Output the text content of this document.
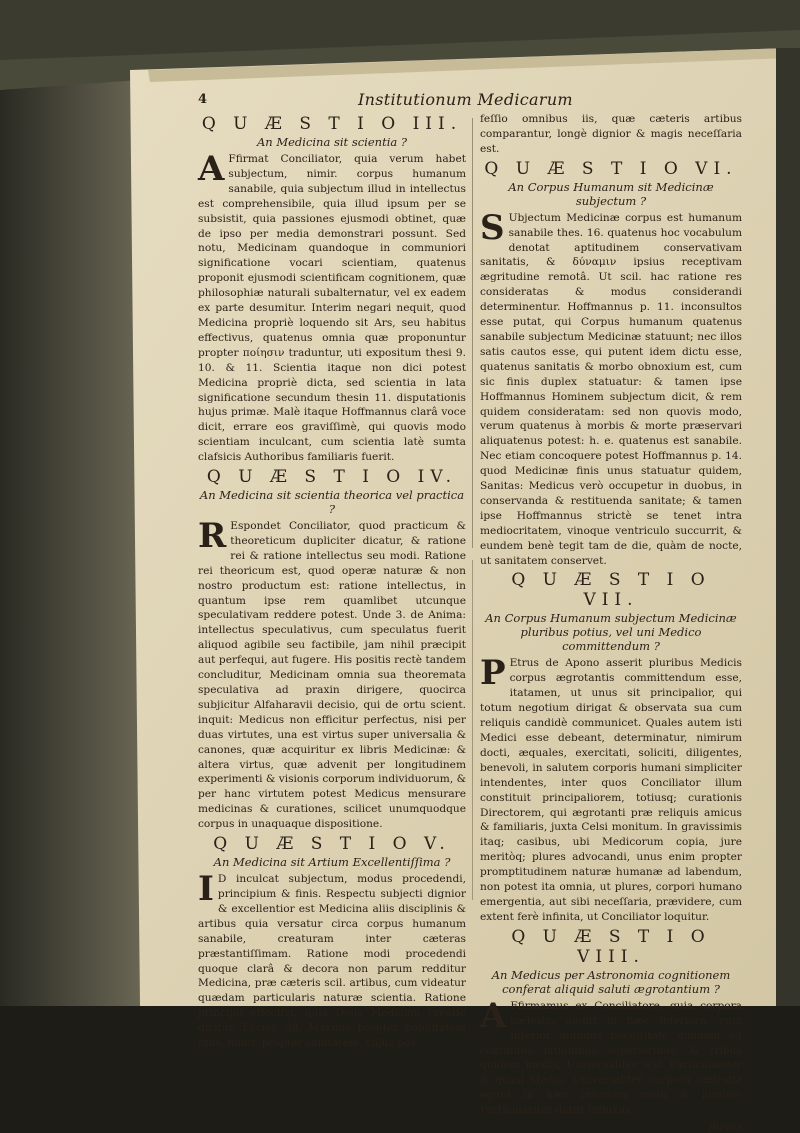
4	Institutionum Medicarum
Q U Æ S T I O III.
An Medicina sit scientia ?

A Ffirmat Conciliator, quia verum habet subjectum, nimir. corpus humanum sanabile, quia subjectum illud in intellectus est comprehensibile, quia illud ipsum per se subsistit, quia passiones ejusmodi obtinet, quæ de ipso per media demonstrari possunt. Sed notu, Medicinam quandoque in communiori significatione vocari scientiam, quatenus proponit ejusmodi scientificam cognitionem, quæ philosophiæ naturali subalternatur, vel ex eadem ex parte desumitur. Interim negari nequit, quod Medicina propriè loquendo sit Ars, seu habitus effectivus, quatenus omnia quæ proponuntur propter ποίησιν traduntur, uti expositum thesi 9. 10. & 11. Scientia itaque non dici potest Medicina propriè dicta, sed scientia in lata significatione secundum thesin 11. disputationis hujus primæ. Malè itaque Hoffmannus clarâ voce dicit, errare eos graviſſimè, qui quovis modo scientiam inculcant, cum scientia latè sumta clafsicis Authoribus familiaris fuerit.

Q U Æ S T I O IV.
An Medicina sit scientia theorica vel practica ?

R Espondet Conciliator, quod practicum & theoreticum dupliciter dicatur, & ratione rei & ratione intellectus seu modi. Ratione rei theoricum est, quod operæ naturæ & non nostro productum est: ratione intellectus, in quantum ipse rem quamlibet utcunque speculativam reddere potest. Unde 3. de Anima: intellectus speculativus, cum speculatus fuerit aliquod agibile seu factibile, jam nihil præcipit aut perfequi, aut fugere. His positis rectè tandem concluditur, Medicinam omnia sua theoremata speculativa ad praxin dirigere, quocirca subjicitur Alfaharavii decisio, qui de ortu scient. inquit: Medicus non efficitur perfectus, nisi per duas virtutes, una est virtus super universalia & canones, quæ acquiritur ex libris Medicinæ: & altera virtus, quæ advenit per longitudinem experimenti & visionis corporum individuorum, & per hanc virtutem potest Medicus mensurare medicinas & curationes, scilicet unumquodque corpus in unaquaque dispositione.

Q U Æ S T I O V.
An Medicina sit Artium Excellentiſſima ?

I D inculcat subjectum, modus procedendi, principium & finis. Respectu subjecti dignior & excellentior est Medicina aliis disciplinis & artibus quia versatur circa corpus humanum sanabile, creaturam inter cæteras præstantiſſimam. Ratione modi procedendi quoque clarâ & decora non parum redditur Medicina, præ cæteris scil. artibus, cum videatur quædam particularis naturæ scientia. Ratione principii effectivi, quia Deus Medicum creaſſe dicitur, Ecclef. 38. Maximè propter nobilitatem finis, nimir. propter sanitatem, cujus pos-

feſſio omnibus iis, quæ cæteris artibus comparantur, longè dignior & magis neceſſaria est.

Q U Æ S T I O VI.
An Corpus Humanum sit Medicinæ subjectum ?

S Ubjectum Medicinæ corpus est humanum sanabile thes. 16. quatenus hoc vocabulum denotat aptitudinem conservativam sanitatis, & δύναμιν ipsius receptivam ægritudine remotâ. Ut scil. hac ratione res consideratas & modus considerandi determinentur. Hoffmannus p. 11. inconsultos esse putat, qui Corpus humanum quatenus sanabile subjectum Medicinæ statuunt; nec illos satis cautos esse, qui putent idem dictu esse, quatenus sanitatis & morbo obnoxium est, cum sic finis duplex statuatur: & tamen ipse Hoffmannus Hominem subjectum dicit, & rem quidem consideratam: sed non quovis modo, verum quatenus à morbis & morte præservari aliquatenus potest: h. e. quatenus est sanabile. Nec etiam concoquere potest Hoffmannus p. 14. quod Medicinæ finis unus statuatur quidem, Sanitas: Medicus verò occupetur in duobus, in conservanda & restituenda sanitate; & tamen ipse Hoffmannus strictè se tenet intra mediocritatem, vinoque ventriculo succurrit, & eundem benè tegit tam de die, quàm de nocte, ut sanitatem conservet.

Q U Æ S T I O VII.
An Corpus Humanum subjectum Medicinæ pluribus potius, vel uni Medico committendum ?

P Etrus de Apono asserit pluribus Medicis corpus ægrotantis committendum esse, itatamen, ut unus sit principalior, qui totum negotium dirigat & observata sua cum reliquis candidè communicet. Quales autem isti Medici esse debeant, determinatur, nimirum docti, æquales, exercitati, soliciti, diligentes, benevoli, in salutem corporis humani simpliciter intendentes, inter quos Conciliator illum constituit principaliorem, totiusq; curationis Directorem, qui ægrotanti præ reliquis amicus & familiaris, juxta Celsi monitum. In gravissimis itaq; casibus, ubi Medicorum copia, jure meritòq; plures advocandi, unus enim propter promptitudinem naturæ humanæ ad labendum, non potest ita omnia, ut plures, corpori humano emergentia, aut sibi neceſſaria, prævidere, cum extent ferè infinita, ut Conciliator loquitur.

Q U Æ S T I O VIII.
An Medicus per Astronomia cognitionem conferat aliquid saluti ægrotantium ?

A Ffirmamus ex Conciliatore, quia corpora cœlestia agunt in hæc inferiora, cum inferior mundus neceſſitate quâdam sit continuus lationibus superioribus, & tribus quidem modis, Universaliter scil. Particulariter & quasi Medio. Universaliter corpora cœlestia agunt in hæc inferiora motu & lumine; Particulariter datur influxus

fluxus
